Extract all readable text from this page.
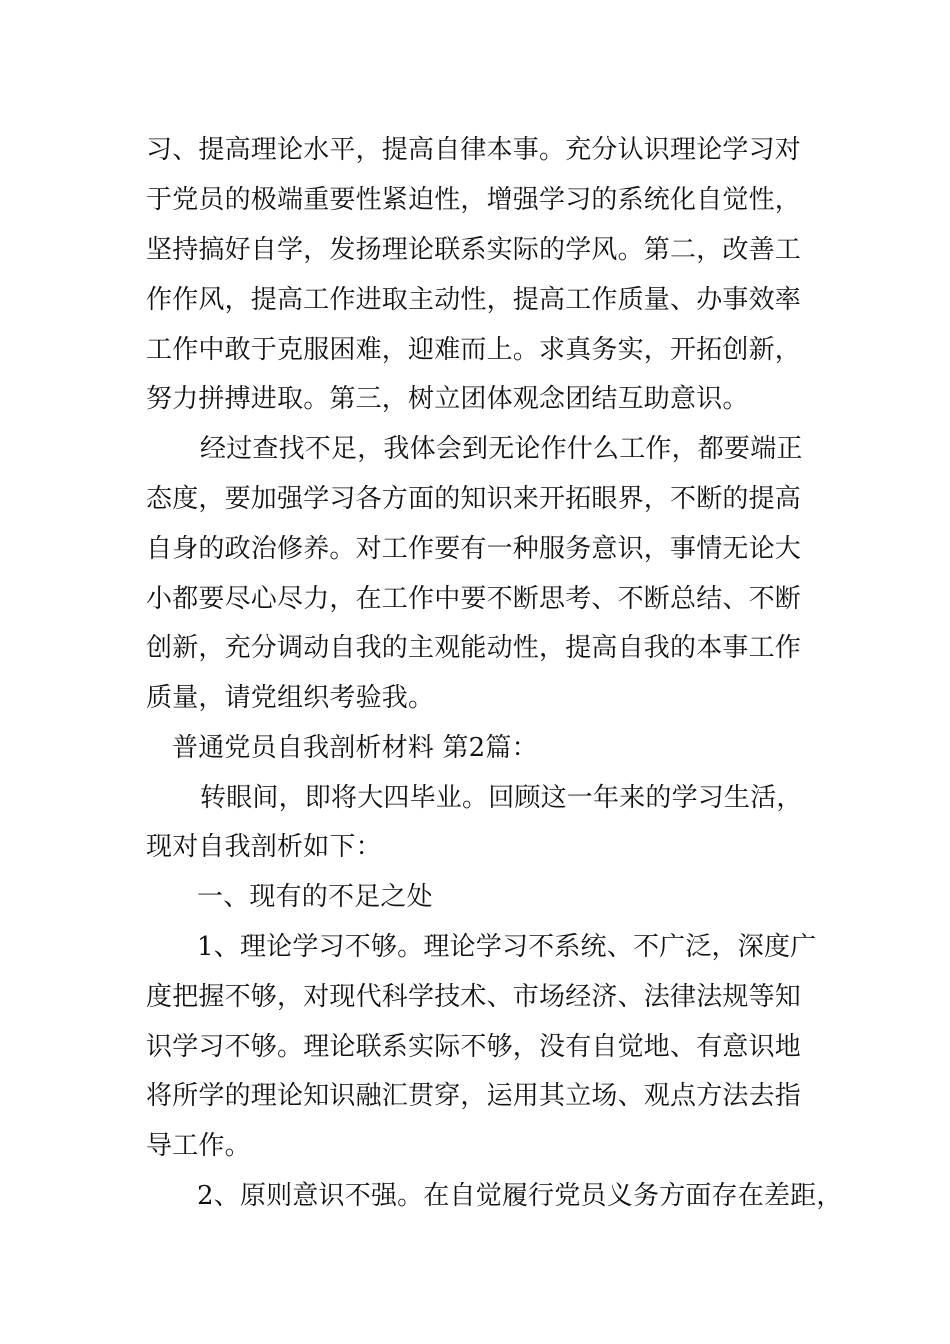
习、提高理论水平，提高自律本事。充分认识理论学习对
于党员的极端重要性紧迫性，增强学习的系统化自觉性，
坚持搞好自学，发扬理论联系实际的学风。第二，改善工
作作风，提高工作进取主动性，提高工作质量、办事效率
工作中敢于克服困难，迎难而上。求真务实，开拓创新，
努力拼搏进取。第三，树立团体观念团结互助意识。
经过查找不足，我体会到无论作什么工作，都要端正
态度，要加强学习各方面的知识来开拓眼界，不断的提高
自身的政治修养。对工作要有一种服务意识，事情无论大
小都要尽心尽力，在工作中要不断思考、不断总结、不断
创新，充分调动自我的主观能动性，提高自我的本事工作
质量，请党组织考验我。
普通党员自我剖析材料 第2篇：
转眼间，即将大四毕业。回顾这一年来的学习生活，
现对自我剖析如下：
一、现有的不足之处
1、理论学习不够。理论学习不系统、不广泛，深度广
度把握不够，对现代科学技术、市场经济、法律法规等知
识学习不够。理论联系实际不够，没有自觉地、有意识地
将所学的理论知识融汇贯穿，运用其立场、观点方法去指
导工作。
2、原则意识不强。在自觉履行党员义务方面存在差距，
